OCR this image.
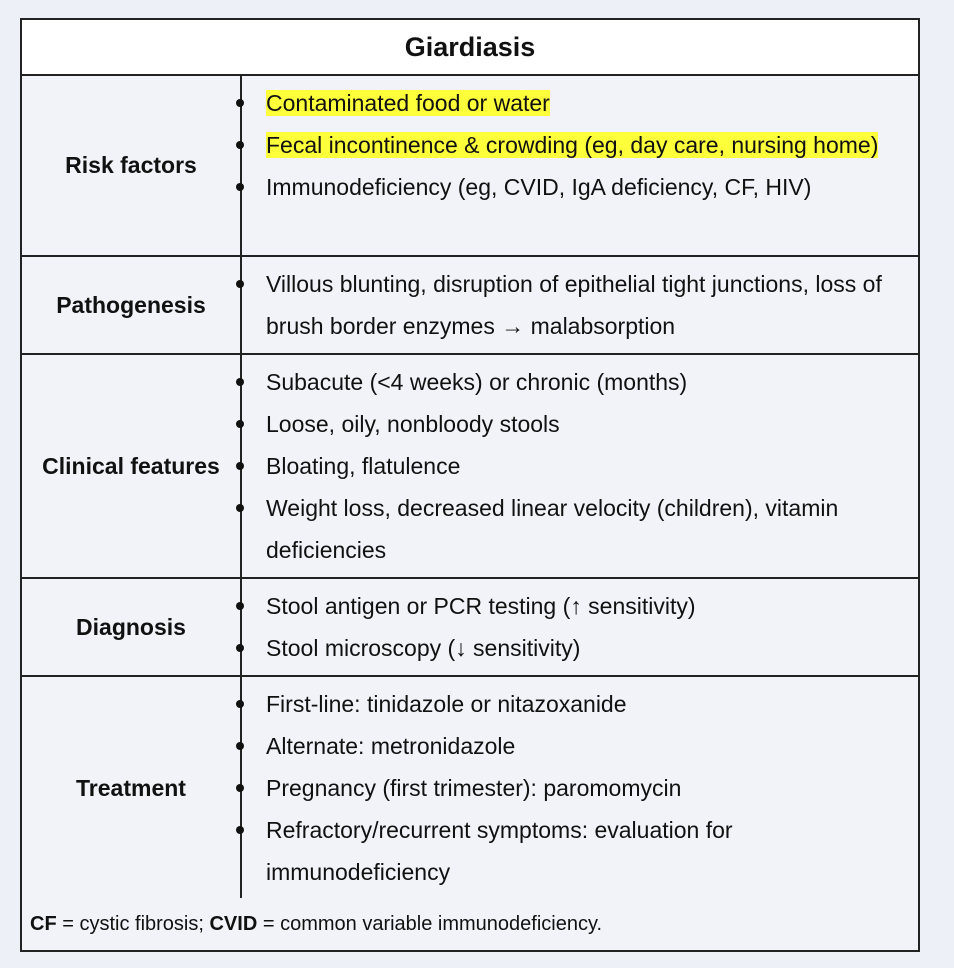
Giardiasis
Risk factors
Contaminated food or water
Fecal incontinence & crowding (eg, day care, nursing home)
Immunodeficiency (eg, CVID, IgA deficiency, CF, HIV)
Pathogenesis
Villous blunting, disruption of epithelial tight junctions, loss of brush border enzymes → malabsorption
Clinical features
Subacute (<4 weeks) or chronic (months)
Loose, oily, nonbloody stools
Bloating, flatulence
Weight loss, decreased linear velocity (children), vitamin deficiencies
Diagnosis
Stool antigen or PCR testing (↑ sensitivity)
Stool microscopy (↓ sensitivity)
Treatment
First-line: tinidazole or nitazoxanide
Alternate: metronidazole
Pregnancy (first trimester): paromomycin
Refractory/recurrent symptoms: evaluation for immunodeficiency
CF = cystic fibrosis; CVID = common variable immunodeficiency.
